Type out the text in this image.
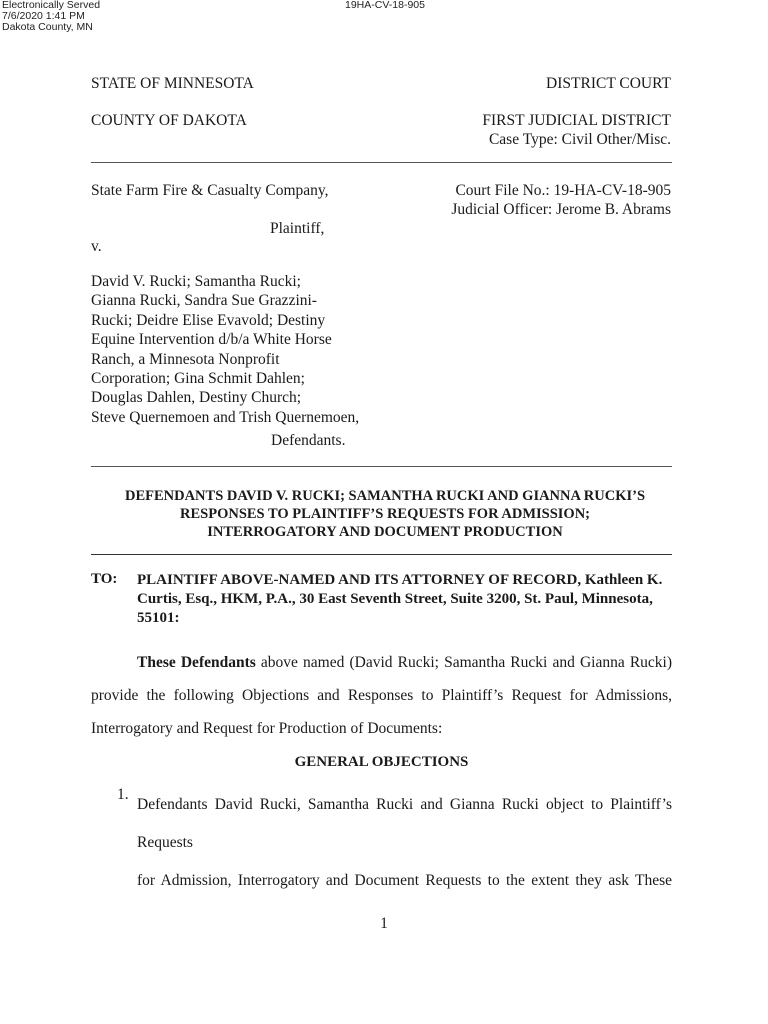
Electronically Served
7/6/2020 1:41 PM
Dakota County, MN
19HA-CV-18-905
STATE OF MINNESOTA	DISTRICT COURT
COUNTY OF DAKOTA	FIRST JUDICIAL DISTRICT
Case Type: Civil Other/Misc.
State Farm Fire & Casualty Company,
Plaintiff,
v.
David V. Rucki; Samantha Rucki;
Gianna Rucki, Sandra Sue Grazzini-
Rucki; Deidre Elise Evavold; Destiny
Equine Intervention d/b/a White Horse
Ranch, a Minnesota Nonprofit
Corporation; Gina Schmit Dahlen;
Douglas Dahlen, Destiny Church;
Steve Quernemoen and Trish Quernemoen,
Defendants.
Court File No.: 19-HA-CV-18-905
Judicial Officer: Jerome B. Abrams
DEFENDANTS DAVID V. RUCKI; SAMANTHA RUCKI AND GIANNA RUCKI’S
RESPONSES TO PLAINTIFF’S REQUESTS FOR ADMISSION;
INTERROGATORY AND DOCUMENT PRODUCTION
TO: PLAINTIFF ABOVE-NAMED AND ITS ATTORNEY OF RECORD, Kathleen K. Curtis, Esq., HKM, P.A., 30 East Seventh Street, Suite 3200, St. Paul, Minnesota, 55101:
These Defendants above named (David Rucki; Samantha Rucki and Gianna Rucki) provide the following Objections and Responses to Plaintiff’s Request for Admissions, Interrogatory and Request for Production of Documents:
GENERAL OBJECTIONS
1.
Defendants David Rucki, Samantha Rucki and Gianna Rucki object to Plaintiff’s Requests
for Admission, Interrogatory and Document Requests to the extent they ask These
1
